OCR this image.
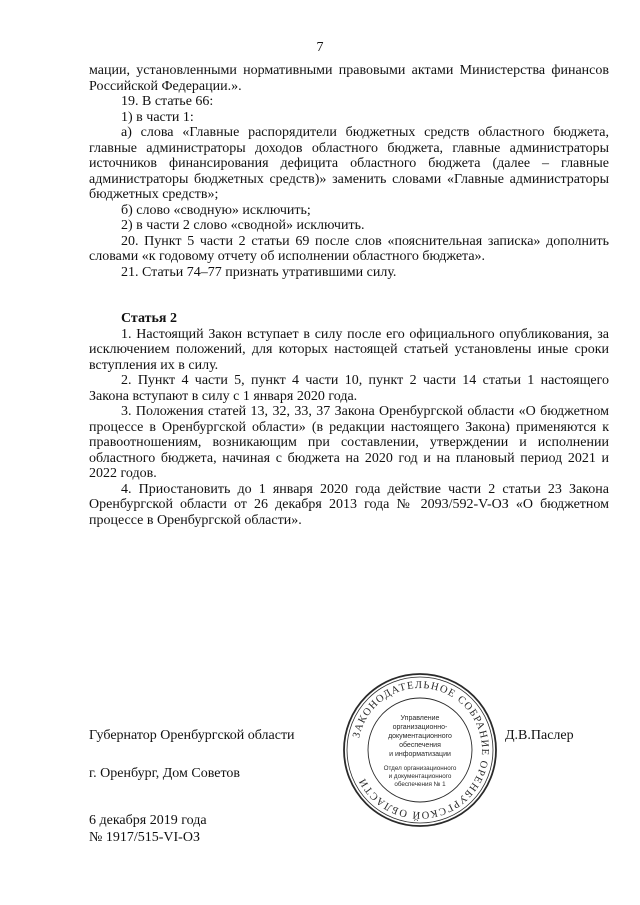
7

мации, установленными нормативными правовыми актами Министерства финансов Российской Федерации.».

19. В статье 66:

1) в части 1:

а) слова «Главные распорядители бюджетных средств областного бюджета, главные администраторы доходов областного бюджета, главные администраторы источников финансирования дефицита областного бюджета (далее – главные администраторы бюджетных средств)» заменить словами «Главные администраторы бюджетных средств»;

б) слово «сводную» исключить;

2) в части 2 слово «сводной» исключить.

20. Пункт 5 части 2 статьи 69 после слов «пояснительная записка» дополнить словами «к годовому отчету об исполнении областного бюджета».

21. Статьи 74–77 признать утратившими силу.

Статья 2

1. Настоящий Закон вступает в силу после его официального опубликования, за исключением положений, для которых настоящей статьей установлены иные сроки вступления их в силу.

2. Пункт 4 части 5, пункт 4 части 10, пункт 2 части 14 статьи 1 настоящего Закона вступают в силу с 1 января 2020 года.

3. Положения статей 13, 32, 33, 37 Закона Оренбургской области «О бюджетном процессе в Оренбургской области» (в редакции настоящего Закона) применяются к правоотношениям, возникающим при составлении, утверждении и исполнении областного бюджета, начиная с бюджета на 2020 год и на плановый период 2021 и 2022 годов.

4. Приостановить до 1 января 2020 года действие части 2 статьи 23 Закона Оренбургской области от 26 декабря 2013 года № 2093/592-V-ОЗ «О бюджетном процессе в Оренбургской области».

Губернатор Оренбургской области
г. Оренбург, Дом Советов
Д.В.Паслер
6 декабря 2019 года
№ 1917/515-VI-ОЗ
ЗАКОНОДАТЕЛЬНОЕ СОБРАНИЕ ОРЕНБУРГСКОЙ ОБЛАСТИ
Управление
организационно-
документационного
обеспечения
и информатизации
Отдел организационного
и документационного
обеспечения № 1
